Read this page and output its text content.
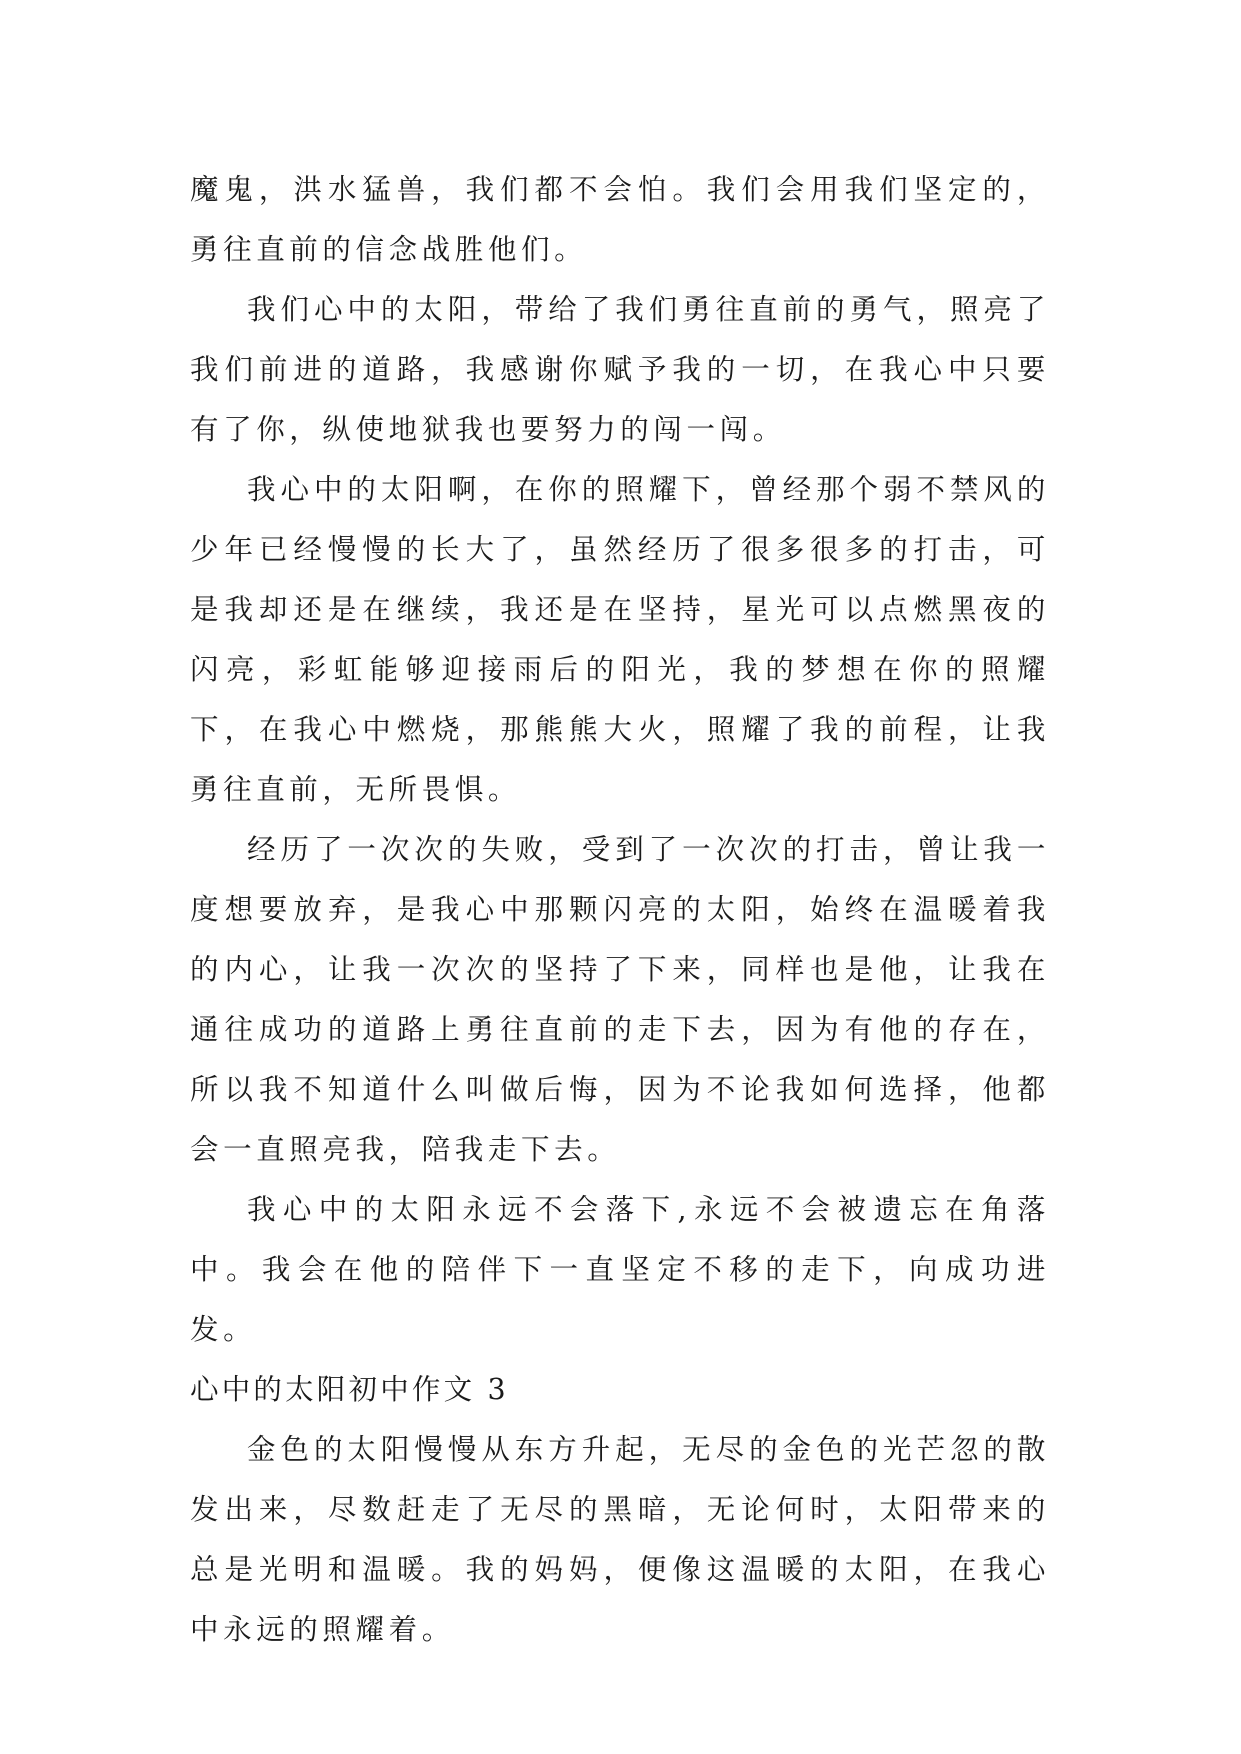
魔鬼，洪水猛兽，我们都不会怕。我们会用我们坚定的，勇往直前的信念战胜他们。

我们心中的太阳，带给了我们勇往直前的勇气，照亮了我们前进的道路，我感谢你赋予我的一切，在我心中只要有了你，纵使地狱我也要努力的闯一闯。

我心中的太阳啊，在你的照耀下，曾经那个弱不禁风的少年已经慢慢的长大了，虽然经历了很多很多的打击，可是我却还是在继续，我还是在坚持，星光可以点燃黑夜的闪亮，彩虹能够迎接雨后的阳光，我的梦想在你的照耀下，在我心中燃烧，那熊熊大火，照耀了我的前程，让我勇往直前，无所畏惧。

经历了一次次的失败，受到了一次次的打击，曾让我一度想要放弃，是我心中那颗闪亮的太阳，始终在温暖着我的内心，让我一次次的坚持了下来，同样也是他，让我在通往成功的道路上勇往直前的走下去，因为有他的存在，所以我不知道什么叫做后悔，因为不论我如何选择，他都会一直照亮我，陪我走下去。

我心中的太阳永远不会落下,永远不会被遗忘在角落中。我会在他的陪伴下一直坚定不移的走下，向成功进发。

心中的太阳初中作文 3

金色的太阳慢慢从东方升起，无尽的金色的光芒忽的散发出来，尽数赶走了无尽的黑暗，无论何时，太阳带来的总是光明和温暖。我的妈妈，便像这温暖的太阳，在我心中永远的照耀着。
